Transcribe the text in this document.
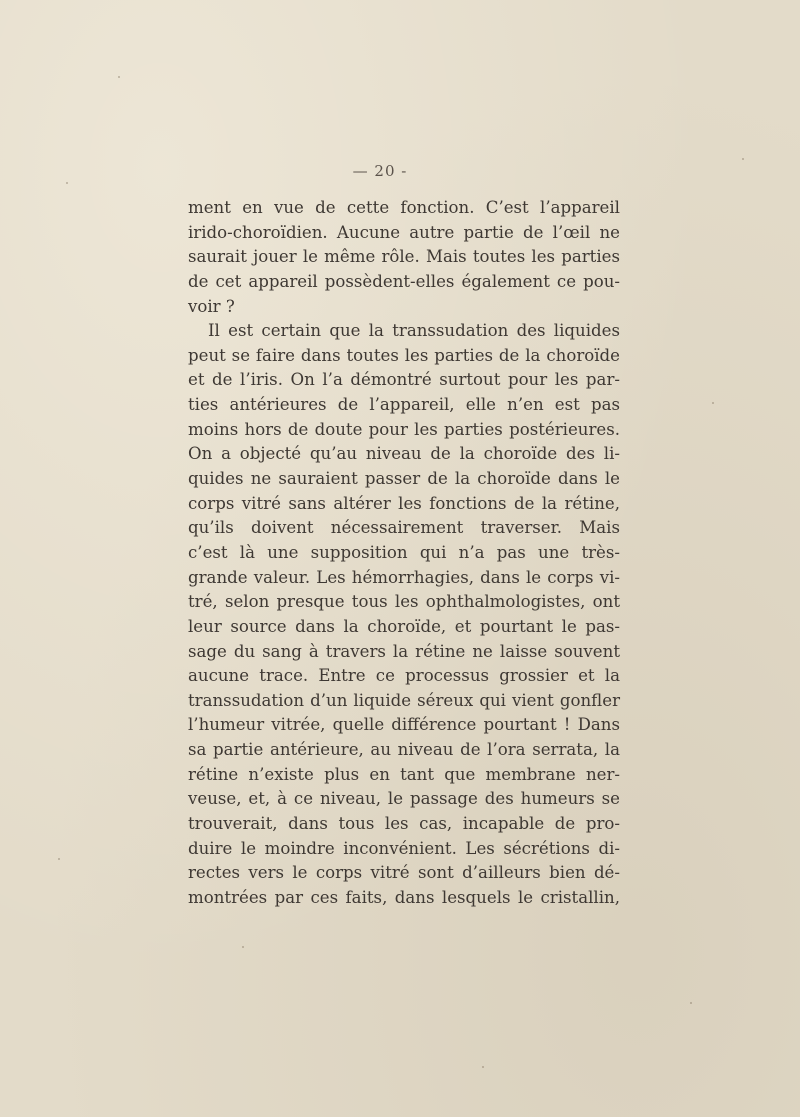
— 20 -
ment en vue de cette fonction. C’est l’appareil
irido-choroïdien. Aucune autre partie de l’œil ne
saurait jouer le même rôle. Mais toutes les parties
de cet appareil possèdent-elles également ce pou-
voir ?
Il est certain que la transsudation des liquides
peut se faire dans toutes les parties de la choroïde
et de l’iris. On l’a démontré surtout pour les par-
ties antérieures de l’appareil, elle n’en est pas
moins hors de doute pour les parties postérieures.
On a objecté qu’au niveau de la choroïde des li-
quides ne sauraient passer de la choroïde dans le
corps vitré sans altérer les fonctions de la rétine,
qu’ils doivent nécessairement traverser. Mais
c’est là une supposition qui n’a pas une très-
grande valeur. Les hémorrhagies, dans le corps vi-
tré, selon presque tous les ophthalmologistes, ont
leur source dans la choroïde, et pourtant le pas-
sage du sang à travers la rétine ne laisse souvent
aucune trace. Entre ce processus grossier et la
transsudation d’un liquide séreux qui vient gonfler
l’humeur vitrée, quelle différence pourtant ! Dans
sa partie antérieure, au niveau de l’ora serrata, la
rétine n’existe plus en tant que membrane ner-
veuse, et, à ce niveau, le passage des humeurs se
trouverait, dans tous les cas, incapable de pro-
duire le moindre inconvénient. Les sécrétions di-
rectes vers le corps vitré sont d’ailleurs bien dé-
montrées par ces faits, dans lesquels le cristallin,
